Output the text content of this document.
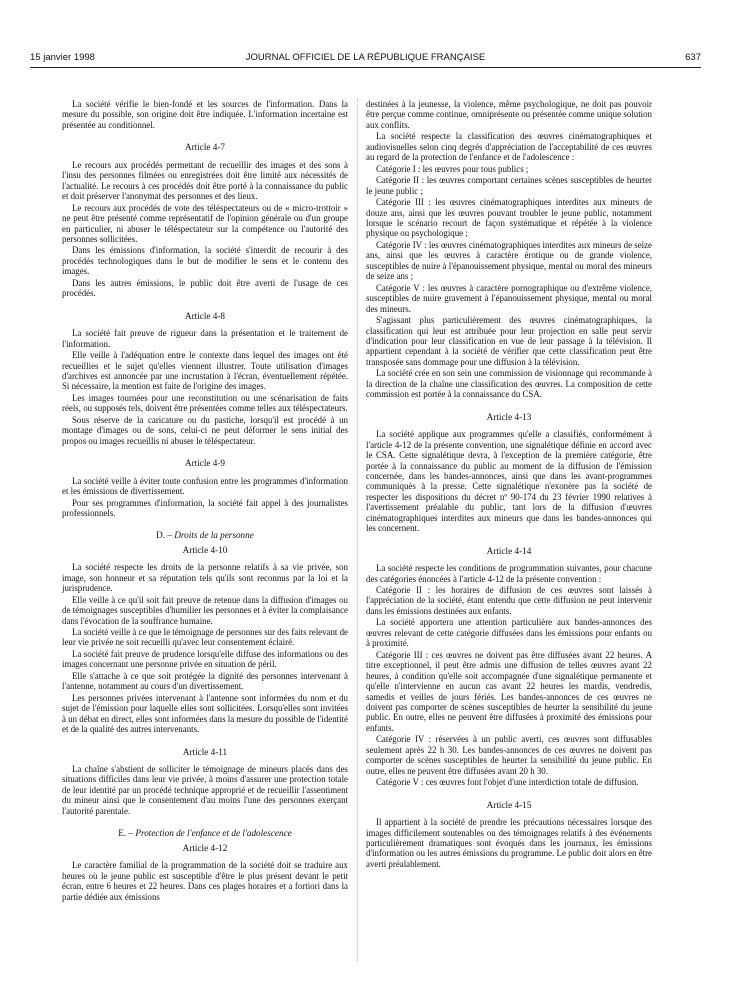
15 janvier 1998	JOURNAL OFFICIEL DE LA RÉPUBLIQUE FRANÇAISE	637

La société vérifie le bien-fondé et les sources de l'information. Dans la mesure du possible, son origine doit être indiquée. L'information incertaine est présentée au conditionnel.

Article 4-7

Le recours aux procédés permettant de recueillir des images et des sons à l'insu des personnes filmées ou enregistrées doit être limité aux nécessités de l'actualité. Le recours à ces procédés doit être porté à la connaissance du public et doit préserver l'anonymat des personnes et des lieux.

Le recours aux procédés de vote des téléspectateurs ou de « micro-trottoir » ne peut être présenté comme représentatif de l'opinion générale ou d'un groupe en particulier, ni abuser le téléspectateur sur la compétence ou l'autorité des personnes sollicitées.

Dans les émissions d'information, la société s'interdit de recourir à des procédés technologiques dans le but de modifier le sens et le contenu des images.

Dans les autres émissions, le public doit être averti de l'usage de ces procédés.

Article 4-8

La société fait preuve de rigueur dans la présentation et le traitement de l'information.

Elle veille à l'adéquation entre le contexte dans lequel des images ont été recueillies et le sujet qu'elles viennent illustrer. Toute utilisation d'images d'archives est annoncée par une incrustation à l'écran, éventuellement répétée. Si nécessaire, la mention est faite de l'origine des images.

Les images tournées pour une reconstitution ou une scénarisation de faits réels, ou supposés tels, doivent être présentées comme telles aux téléspectateurs.

Sous réserve de la caricature ou du pastiche, lorsqu'il est procédé à un montage d'images ou de sons, celui-ci ne peut déformer le sens initial des propos ou images recueillis ni abuser le téléspectateur.

Article 4-9

La société veille à éviter toute confusion entre les programmes d'information et les émissions de divertissement.

Pour ses programmes d'information, la société fait appel à des journalistes professionnels.

D. – Droits de la personne
Article 4-10

La société respecte les droits de la personne relatifs à sa vie privée, son image, son honneur et sa réputation tels qu'ils sont reconnus par la loi et la jurisprudence.

Elle veille à ce qu'il soit fait preuve de retenue dans la diffusion d'images ou de témoignages susceptibles d'humilier les personnes et à éviter la complaisance dans l'évocation de la souffrance humaine.

La société veille à ce que le témoignage de personnes sur des faits relevant de leur vie privée ne soit recueilli qu'avec leur consentement éclairé.

La société fait preuve de prudence lorsqu'elle diffuse des informations ou des images concernant une personne privée en situation de péril.

Elle s'attache à ce que soit protégée la dignité des personnes intervenant à l'antenne, notamment au cours d'un divertissement.

Les personnes privées intervenant à l'antenne sont informées du nom et du sujet de l'émission pour laquelle elles sont sollicitées. Lorsqu'elles sont invitées à un débat en direct, elles sont informées dans la mesure du possible de l'identité et de la qualité des autres intervenants.

Article 4-11

La chaîne s'abstient de solliciter le témoignage de mineurs placés dans des situations difficiles dans leur vie privée, à moins d'assurer une protection totale de leur identité par un procédé technique approprié et de recueillir l'assentiment du mineur ainsi que le consentement d'au moins l'une des personnes exerçant l'autorité parentale.

E. – Protection de l'enfance et de l'adolescence
Article 4-12

Le caractère familial de la programmation de la société doit se traduire aux heures où le jeune public est susceptible d'être le plus présent devant le petit écran, entre 6 heures et 22 heures. Dans ces plages horaires et a fortiori dans la partie dédiée aux émissions

destinées à la jeunesse, la violence, même psychologique, ne doit pas pouvoir être perçue comme continue, omniprésente ou présentée comme unique solution aux conflits.

La société respecte la classification des œuvres cinématographiques et audiovisuelles selon cinq degrés d'appréciation de l'acceptabilité de ces œuvres au regard de la protection de l'enfance et de l'adolescence :

Catégorie I : les œuvres pour tous publics ;

Catégorie II : les œuvres comportant certaines scènes susceptibles de heurter le jeune public ;

Catégorie III : les œuvres cinématographiques interdites aux mineurs de douze ans, ainsi que les œuvres pouvant troubler le jeune public, notamment lorsque le scénario recourt de façon systématique et répétée à la violence physique ou psychologique ;

Catégorie IV : les œuvres cinématographiques interdites aux mineurs de seize ans, ainsi que les œuvres à caractère érotique ou de grande violence, susceptibles de nuire à l'épanouissement physique, mental ou moral des mineurs de seize ans ;

Catégorie V : les œuvres à caractère pornographique ou d'extrême violence, susceptibles de nuire gravement à l'épanouissement physique, mental ou moral des mineurs.

S'agissant plus particulièrement des œuvres cinématographiques, la classification qui leur est attribuée pour leur projection en salle peut servir d'indication pour leur classification en vue de leur passage à la télévision. Il appartient cependant à la société de vérifier que cette classification peut être transposée sans dommage pour une diffusion à la télévision.

La société crée en son sein une commission de visionnage qui recommande à la direction de la chaîne une classification des œuvres. La composition de cette commission est portée à la connaissance du CSA.

Article 4-13

La société applique aux programmes qu'elle a classifiés, conformément à l'article 4-12 de la présente convention, une signalétique définie en accord avec le CSA. Cette signalétique devra, à l'exception de la première catégorie, être portée à la connaissance du public au moment de la diffusion de l'émission concernée, dans les bandes-annonces, ainsi que dans les avant-programmes communiqués à la presse. Cette signalétique n'exonère pas la société de respecter les dispositions du décret nº 90-174 du 23 février 1990 relatives à l'avertissement préalable du public, tant lors de la diffusion d'œuvres cinématographiques interdites aux mineurs que dans les bandes-annonces qui les concernent.

Article 4-14

La société respecte les conditions de programmation suivantes, pour chacune des catégories énoncées à l'article 4-12 de la présente convention :

Catégorie II : les horaires de diffusion de ces œuvres sont laissés à l'appréciation de la société, étant entendu que cette diffusion ne peut intervenir dans les émissions destinées aux enfants.

La société apportera une attention particulière aux bandes-annonces des œuvres relevant de cette catégorie diffusées dans les émissions pour enfants ou à proximité.

Catégorie III : ces œuvres ne doivent pas être diffusées avant 22 heures. A titre exceptionnel, il peut être admis une diffusion de telles œuvres avant 22 heures, à condition qu'elle soit accompagnée d'une signalétique permanente et qu'elle n'intervienne en aucun cas avant 22 heures les mardis, vendredis, samedis et veilles de jours fériés. Les bandes-annonces de ces œuvres ne doivent pas comporter de scènes susceptibles de heurter la sensibilité du jeune public. En outre, elles ne peuvent être diffusées à proximité des émissions pour enfants.

Catégorie IV : réservées à un public averti, ces œuvres sont diffusables seulement après 22 h 30. Les bandes-annonces de ces œuvres ne doivent pas comporter de scènes susceptibles de heurter la sensibilité du jeune public. En outre, elles ne peuvent être diffusées avant 20 h 30.

Catégorie V : ces œuvres font l'objet d'une interdiction totale de diffusion.

Article 4-15

Il appartient à la société de prendre les précautions nécessaires lorsque des images difficilement soutenables ou des témoignages relatifs à des événements particulièrement dramatiques sont évoqués dans les journaux, les émissions d'information ou les autres émissions du programme. Le public doit alors en être averti préalablement.
